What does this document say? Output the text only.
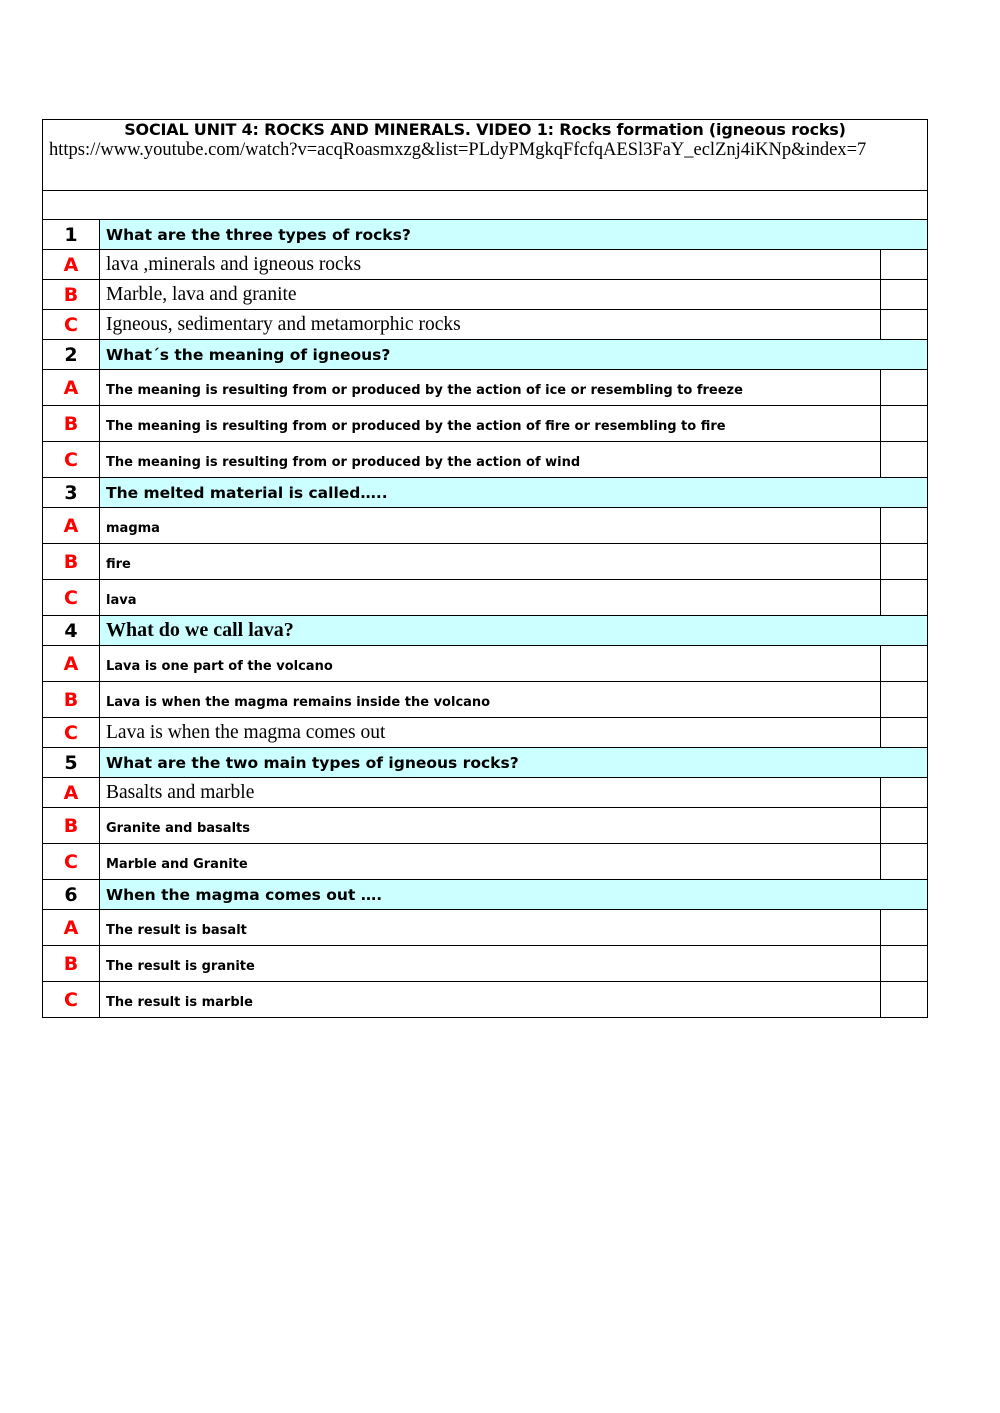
SOCIAL UNIT 4: ROCKS AND MINERALS. VIDEO 1: Rocks formation (igneous rocks)
https://www.youtube.com/watch?v=acqRoasmxzg&list=PLdyPMgkqFfcfqAESl3FaY_eclZnj4iKNp&index=7		

1	What are the three types of rocks?	
A	lava ,minerals and igneous rocks	
B	Marble, lava and granite	
C	Igneous, sedimentary and metamorphic rocks	
2	What´s the meaning of igneous?	
A	The meaning is resulting from or produced by the action of ice or resembling to freeze	
B	The meaning is resulting from or produced by the action of fire or resembling to fire	
C	The meaning is resulting from or produced by the action of wind	
3	The melted material is called…..	
A	magma	
B	fire	
C	lava	
4	What do we call lava?	
A	Lava is one part of the volcano	
B	Lava is when the magma remains inside the volcano	
C	Lava is when the magma comes out	
5	What are the two main types of igneous rocks?	
A	Basalts and marble	
B	Granite and basalts	
C	Marble and Granite	
6	When the magma comes out ….	
A	The result is basalt	
B	The result is granite	
C	The result is marble	
